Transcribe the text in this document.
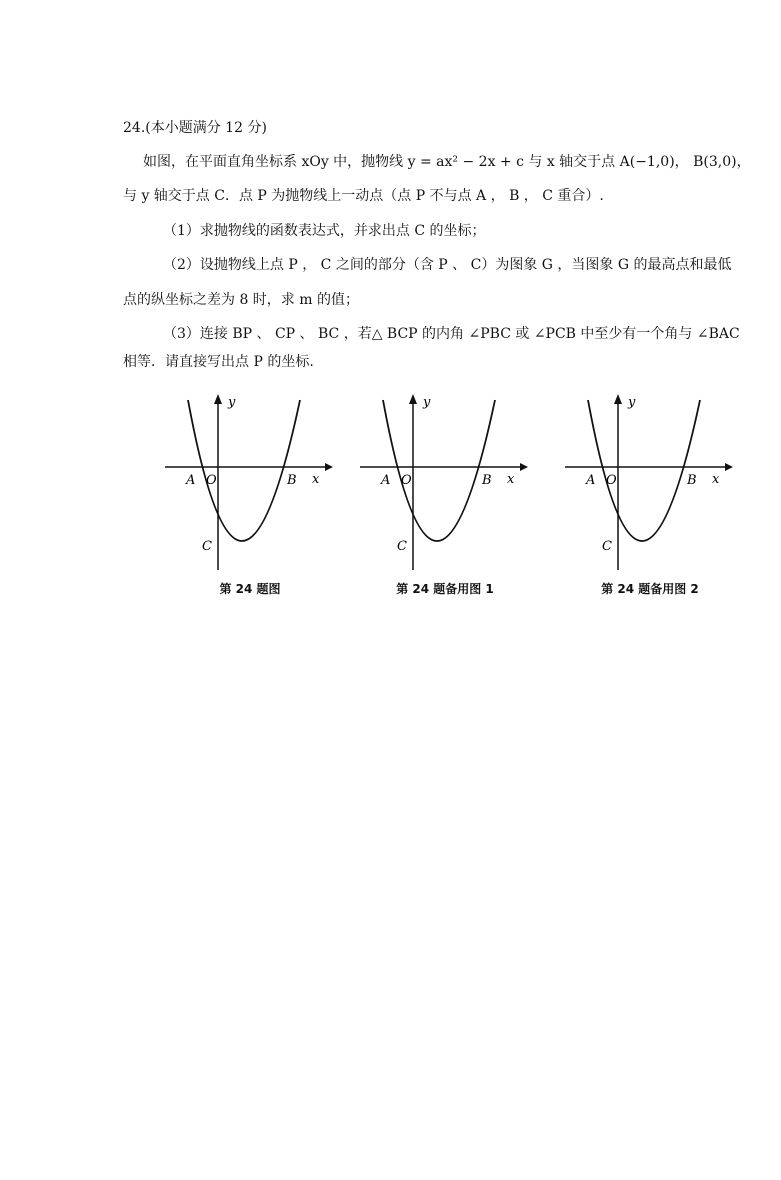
24.(本小题满分 12 分)
如图，在平面直角坐标系 xOy 中，抛物线 y = ax² − 2x + c 与 x 轴交于点 A(−1,0)， B(3,0)，
与 y 轴交于点 C．点 P 为抛物线上一动点（点 P 不与点 A ， B ， C 重合）.
（1）求抛物线的函数表达式，并求出点 C 的坐标；
（2）设抛物线上点 P ， C 之间的部分（含 P 、 C）为图象 G ，当图象 G 的最高点和最低
点的纵坐标之差为 8 时，求 m 的值；
（3）连接 BP 、 CP 、 BC ，若△ BCP 的内角 ∠PBC 或 ∠PCB 中至少有一个角与 ∠BAC
相等．请直接写出点 P 的坐标.
y
x
A O	B
C
第 24 题图
y
x
A O	B
C
第 24 题备用图 1
y
x
A O	B
C
第 24 题备用图 2
